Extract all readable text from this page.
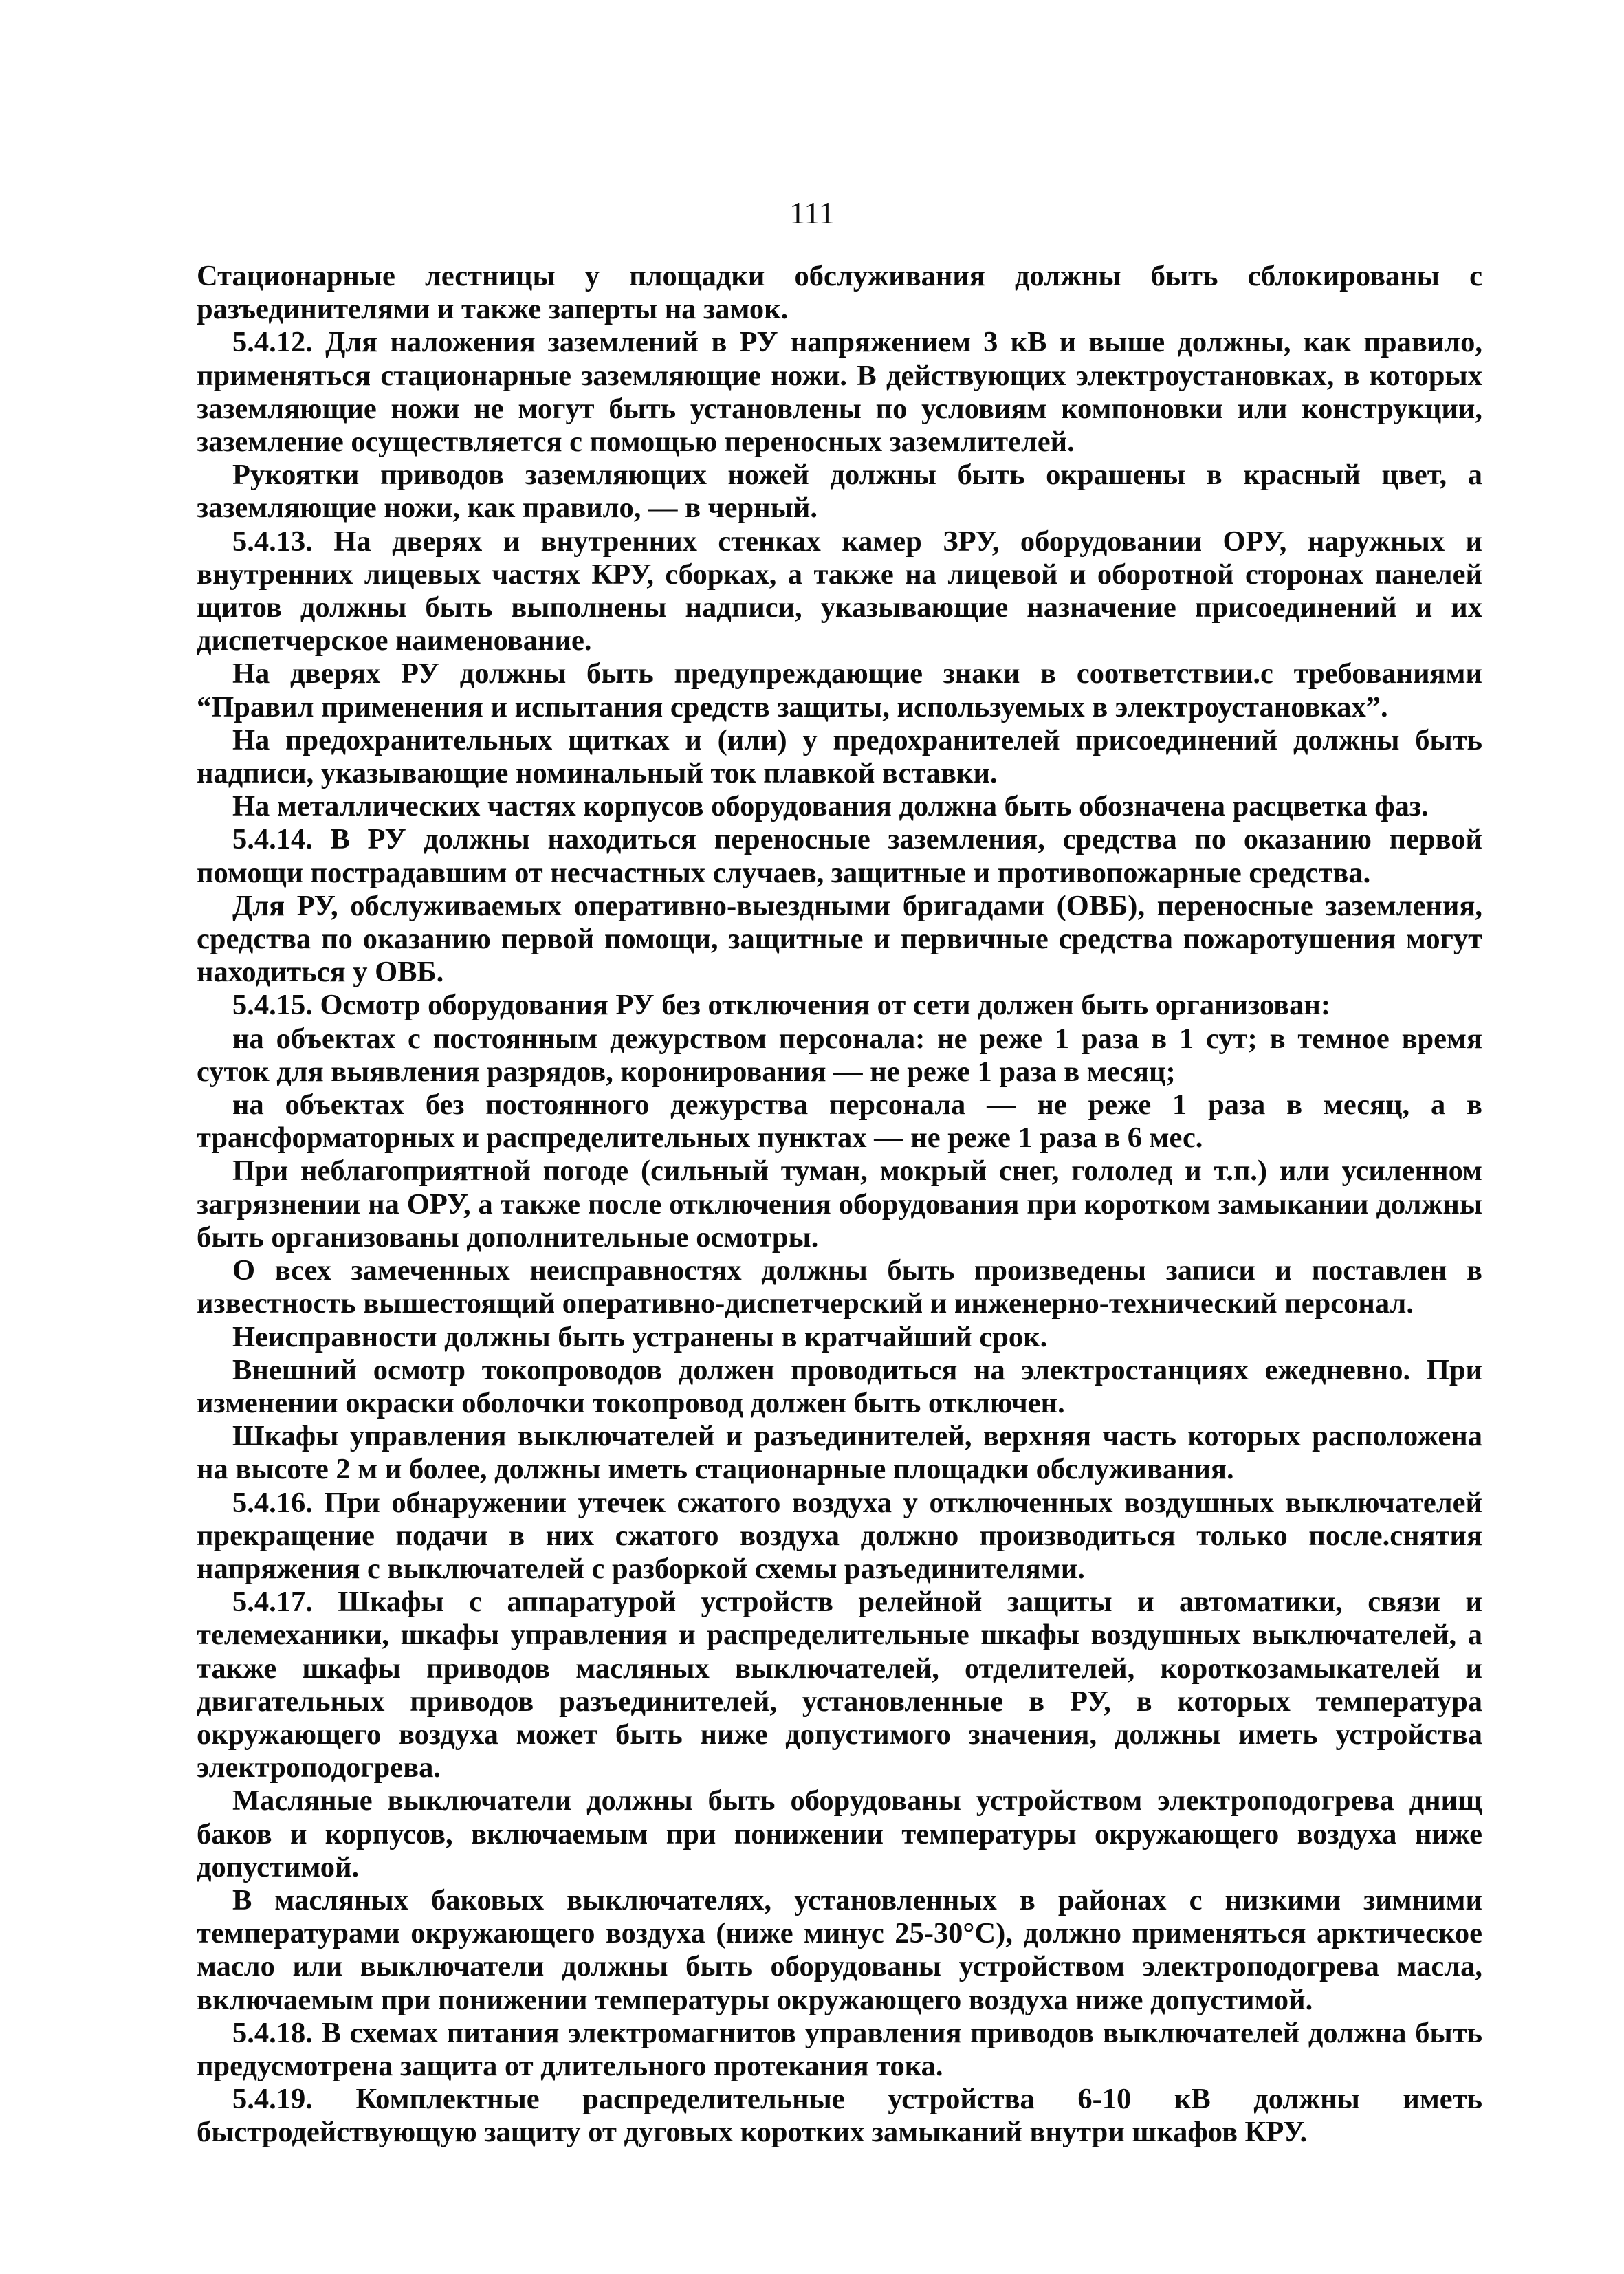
111

Стационарные лестницы у площадки обслуживания должны быть сблокированы с разъединителями и также заперты на замок.

5.4.12. Для наложения заземлений в РУ напряжением 3 кВ и выше должны, как правило, применяться стационарные заземляющие ножи. В действующих электроустановках, в которых заземляющие ножи не могут быть установлены по условиям компоновки или конструкции, заземление осуществляется с помощью переносных заземлителей.

Рукоятки приводов заземляющих ножей должны быть окрашены в красный цвет, а заземляющие ножи, как правило, — в черный.

5.4.13. На дверях и внутренних стенках камер ЗРУ, оборудовании ОРУ, наружных и внутренних лицевых частях КРУ, сборках, а также на лицевой и оборотной сторонах панелей щитов должны быть выполнены надписи, указывающие назначение присоединений и их диспетчерское наименование.

На дверях РУ должны быть предупреждающие знаки в соответствии.с требованиями “Правил применения и испытания средств защиты, используемых в электроустановках”.

На предохранительных щитках и (или) у предохранителей присоединений должны быть надписи, указывающие номинальный ток плавкой вставки.

На металлических частях корпусов оборудования должна быть обозначена расцветка фаз.

5.4.14. В РУ должны находиться переносные заземления, средства по оказанию первой помощи пострадавшим от несчастных случаев, защитные и противопожарные средства.

Для РУ, обслуживаемых оперативно-выездными бригадами (ОВБ), переносные заземления, средства по оказанию первой помощи, защитные и первичные средства пожаротушения могут находиться у ОВБ.

5.4.15. Осмотр оборудования РУ без отключения от сети должен быть организован:

на объектах с постоянным дежурством персонала: не реже 1 раза в 1 сут; в темное время суток для выявления разрядов, коронирования — не реже 1 раза в месяц;

на объектах без постоянного дежурства персонала — не реже 1 раза в месяц, а в трансформаторных и распределительных пунктах — не реже 1 раза в 6 мес.

При неблагоприятной погоде (сильный туман, мокрый снег, гололед и т.п.) или усиленном загрязнении на ОРУ, а также после отключения оборудования при коротком замыкании должны быть организованы дополнительные осмотры.

О всех замеченных неисправностях должны быть произведены записи и поставлен в известность вышестоящий оперативно-диспетчерский и инженерно-технический персонал.

Неисправности должны быть устранены в кратчайший срок.

Внешний осмотр токопроводов должен проводиться на электростанциях ежедневно. При изменении окраски оболочки токопровод должен быть отключен.

Шкафы управления выключателей и разъединителей, верхняя часть которых расположена на высоте 2 м и более, должны иметь стационарные площадки обслуживания.

5.4.16. При обнаружении утечек сжатого воздуха у отключенных воздушных выключателей прекращение подачи в них сжатого воздуха должно производиться только после.снятия напряжения с выключателей с разборкой схемы разъединителями.

5.4.17. Шкафы с аппаратурой устройств релейной защиты и автоматики, связи и телемеханики, шкафы управления и распределительные шкафы воздушных выключателей, а также шкафы приводов масляных выключателей, отделителей, короткозамыкателей и двигательных приводов разъединителей, установленные в РУ, в которых температура окружающего воздуха может быть ниже допустимого значения, должны иметь устройства электроподогрева.

Масляные выключатели должны быть оборудованы устройством электроподогрева днищ баков и корпусов, включаемым при понижении температуры окружающего воздуха ниже допустимой.

В масляных баковых выключателях, установленных в районах с низкими зимними температурами окружающего воздуха (ниже минус 25-30°С), должно применяться арктическое масло или выключатели должны быть оборудованы устройством электроподогрева масла, включаемым при понижении температуры окружающего воздуха ниже допустимой.

5.4.18. В схемах питания электромагнитов управления приводов выключателей должна быть предусмотрена защита от длительного протекания тока.

5.4.19. Комплектные распределительные устройства 6-10 кВ должны иметь быстродействующую защиту от дуговых коротких замыканий внутри шкафов КРУ.
